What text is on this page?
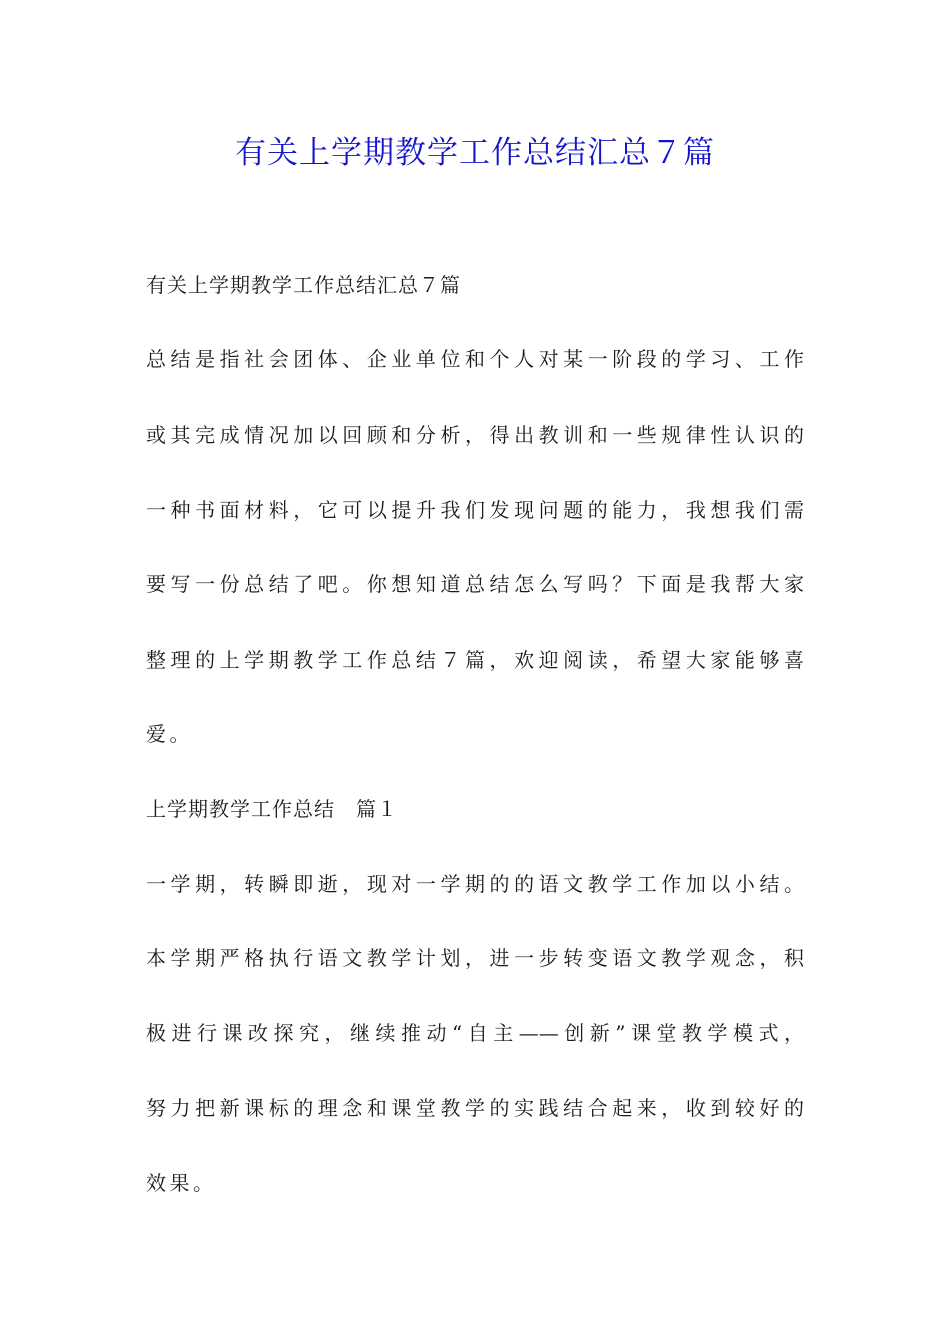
有关上学期教学工作总结汇总７篇

有关上学期教学工作总结汇总７篇

总结是指社会团体、企业单位和个人对某一阶段的学习、工作

或其完成情况加以回顾和分析，得出教训和一些规律性认识的

一种书面材料，它可以提升我们发现问题的能力，我想我们需

要写一份总结了吧。你想知道总结怎么写吗？下面是我帮大家

整理的上学期教学工作总结７篇，欢迎阅读，希望大家能够喜

爱。

上学期教学工作总结　篇１

一学期，转瞬即逝，现对一学期的的语文教学工作加以小结。

本学期严格执行语文教学计划，进一步转变语文教学观念，积

极进行课改探究，继续推动“自主——创新”课堂教学模式，

努力把新课标的理念和课堂教学的实践结合起来，收到较好的

效果。
